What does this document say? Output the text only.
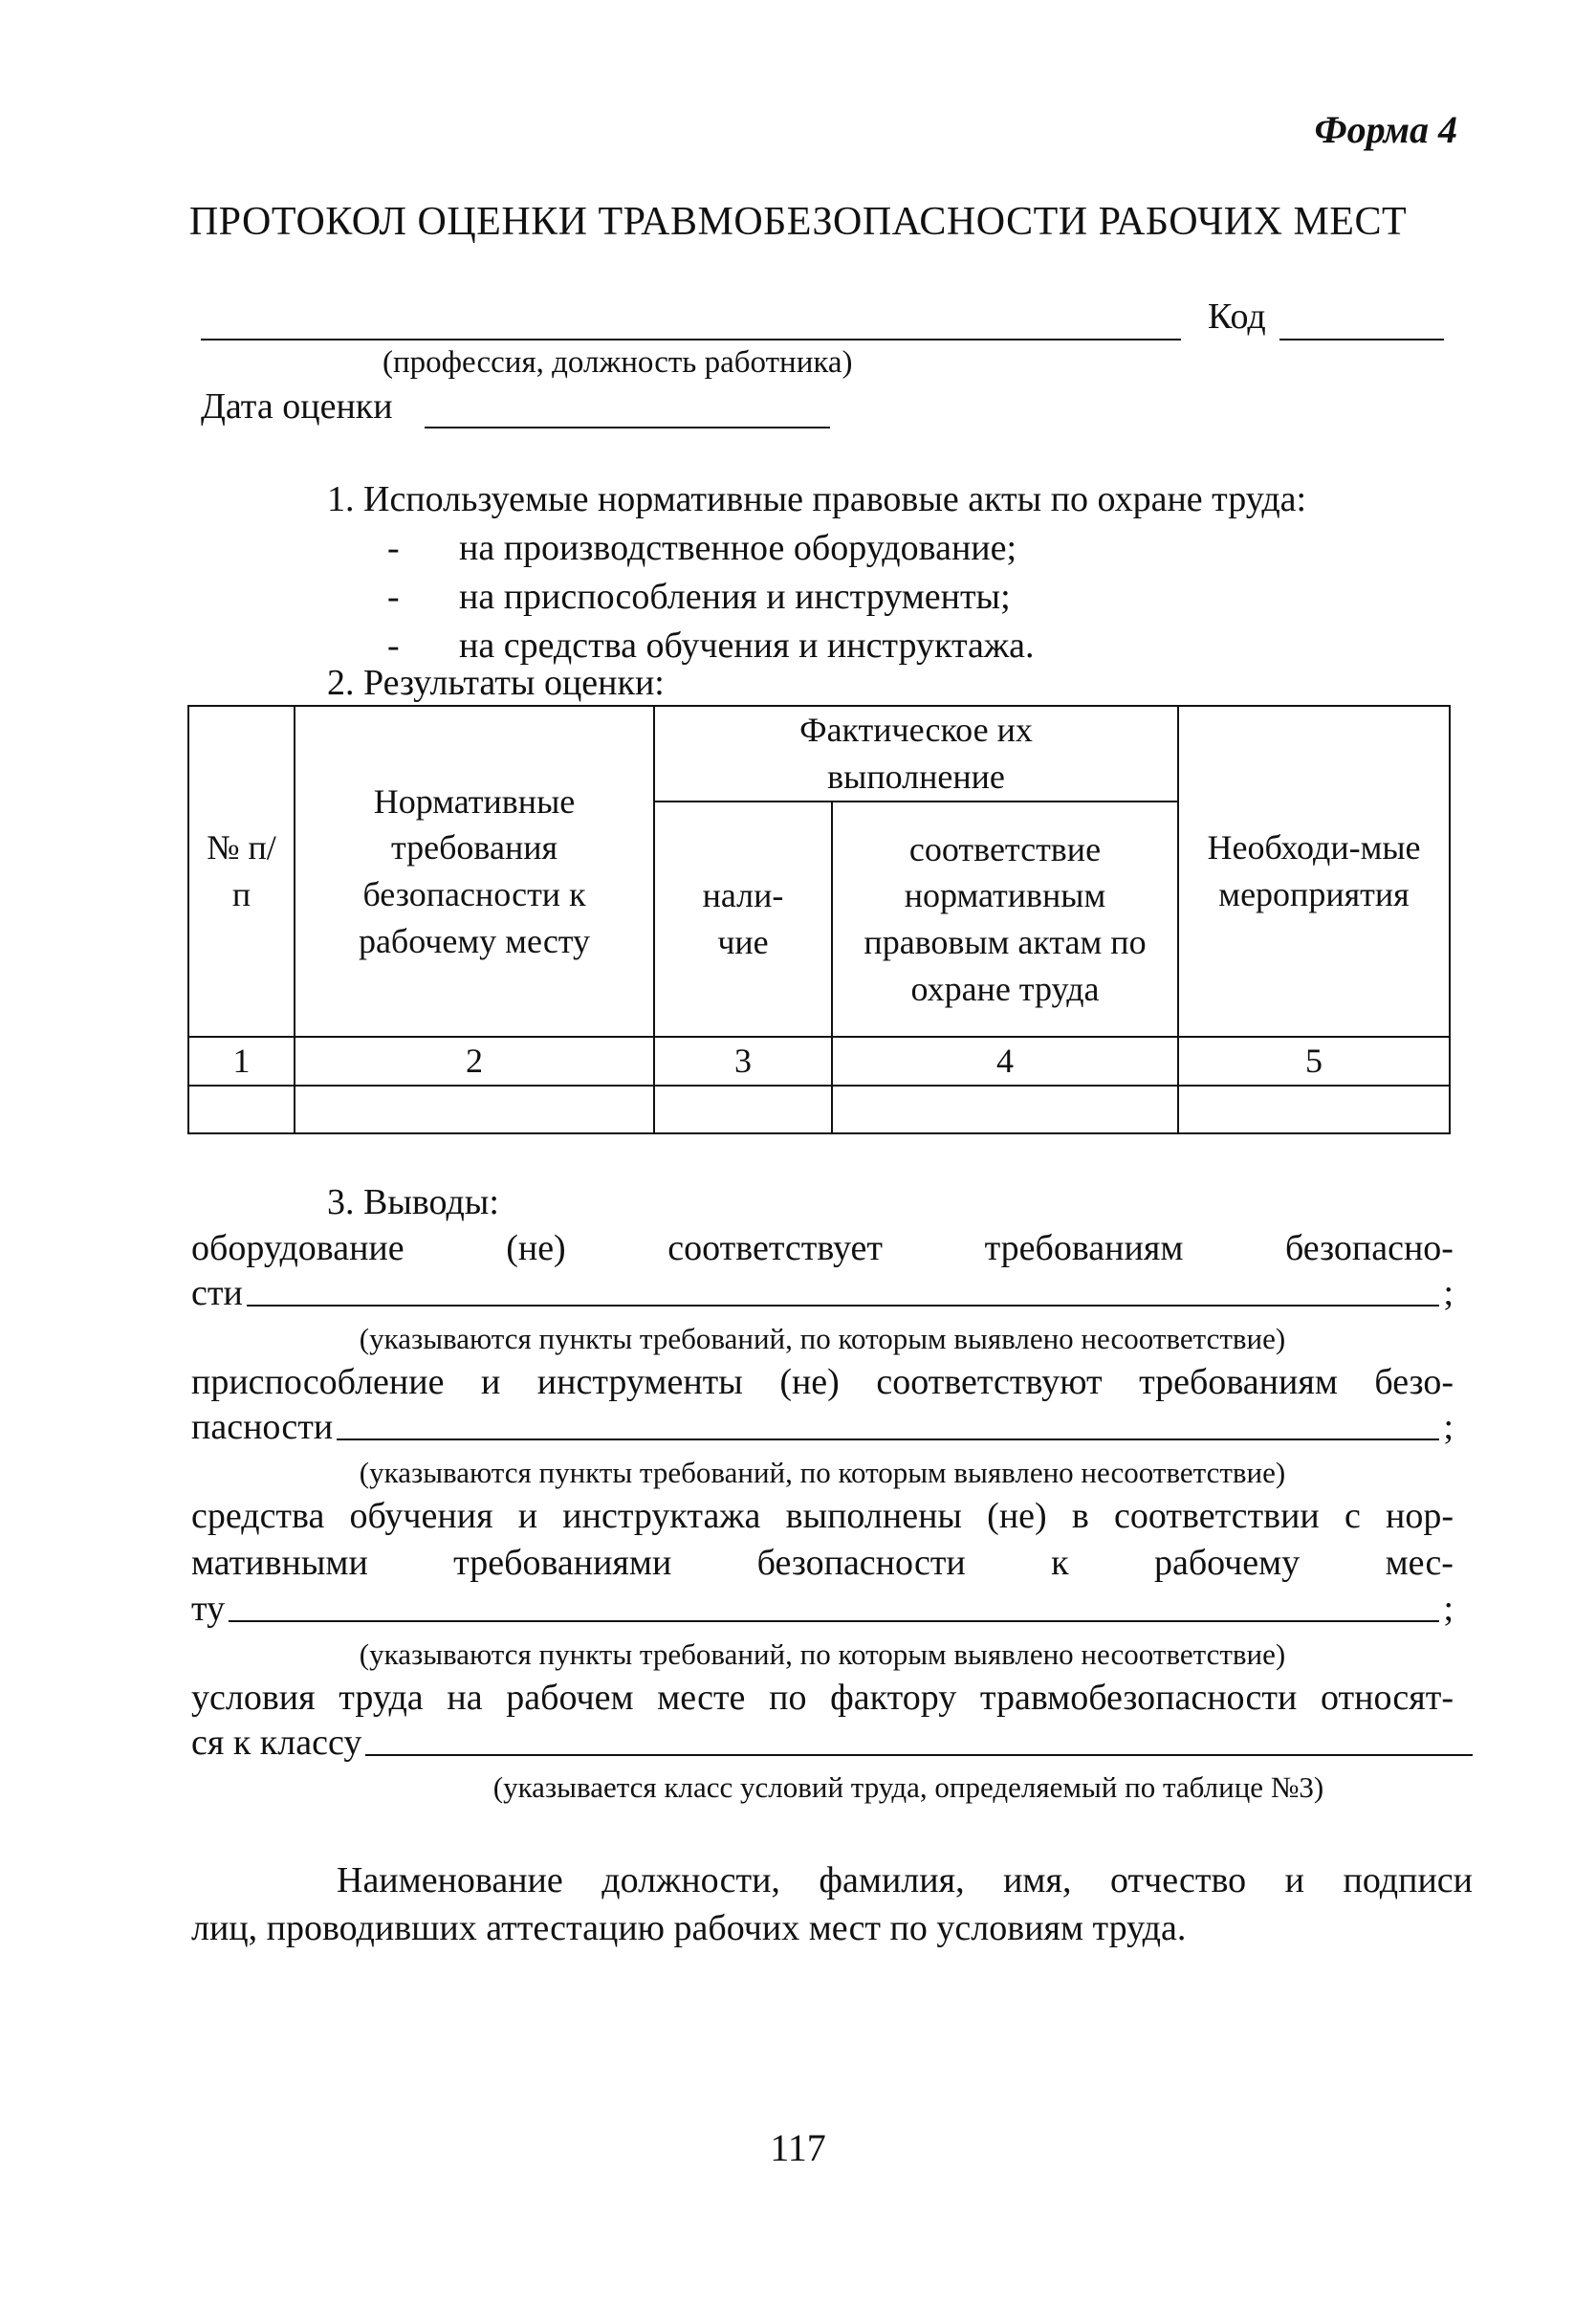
Форма 4
ПРОТОКОЛ ОЦЕНКИ ТРАВМОБЕЗОПАСНОСТИ РАБОЧИХ МЕСТ
Код
(профессия, должность работника)
Дата оценки
1. Используемые нормативные правовые акты по охране труда:
- на производственное оборудование;
- на приспособления и инструменты;
- на средства обучения и инструктажа.
2. Результаты оценки:
№ п/п	Нормативные требования безопасности к рабочему месту	Фактическое их выполнение		Необходи-мые мероприятия
		нали-чие	соответствие нормативным правовым актам по охране труда	
1	2	3	4	5

3. Выводы:
оборудование	(не)	соответствует	требованиям	безопасно-
сти	;
(указываются пункты требований, по которым выявлено несоответствие)
приспособление и инструменты (не) соответствуют требованиям безо-
пасности	;
(указываются пункты требований, по которым выявлено несоответствие)
средства обучения и инструктажа выполнены (не) в соответствии с нор-
мативными требованиями безопасности к рабочему мес-
ту	;
(указываются пункты требований, по которым выявлено несоответствие)
условия труда на рабочем месте по фактору травмобезопасности относят-
ся к классу
(указывается класс условий труда, определяемый по таблице №3)
Наименование должности, фамилия, имя, отчество и подписи
лиц, проводивших аттестацию рабочих мест по условиям труда.
117
